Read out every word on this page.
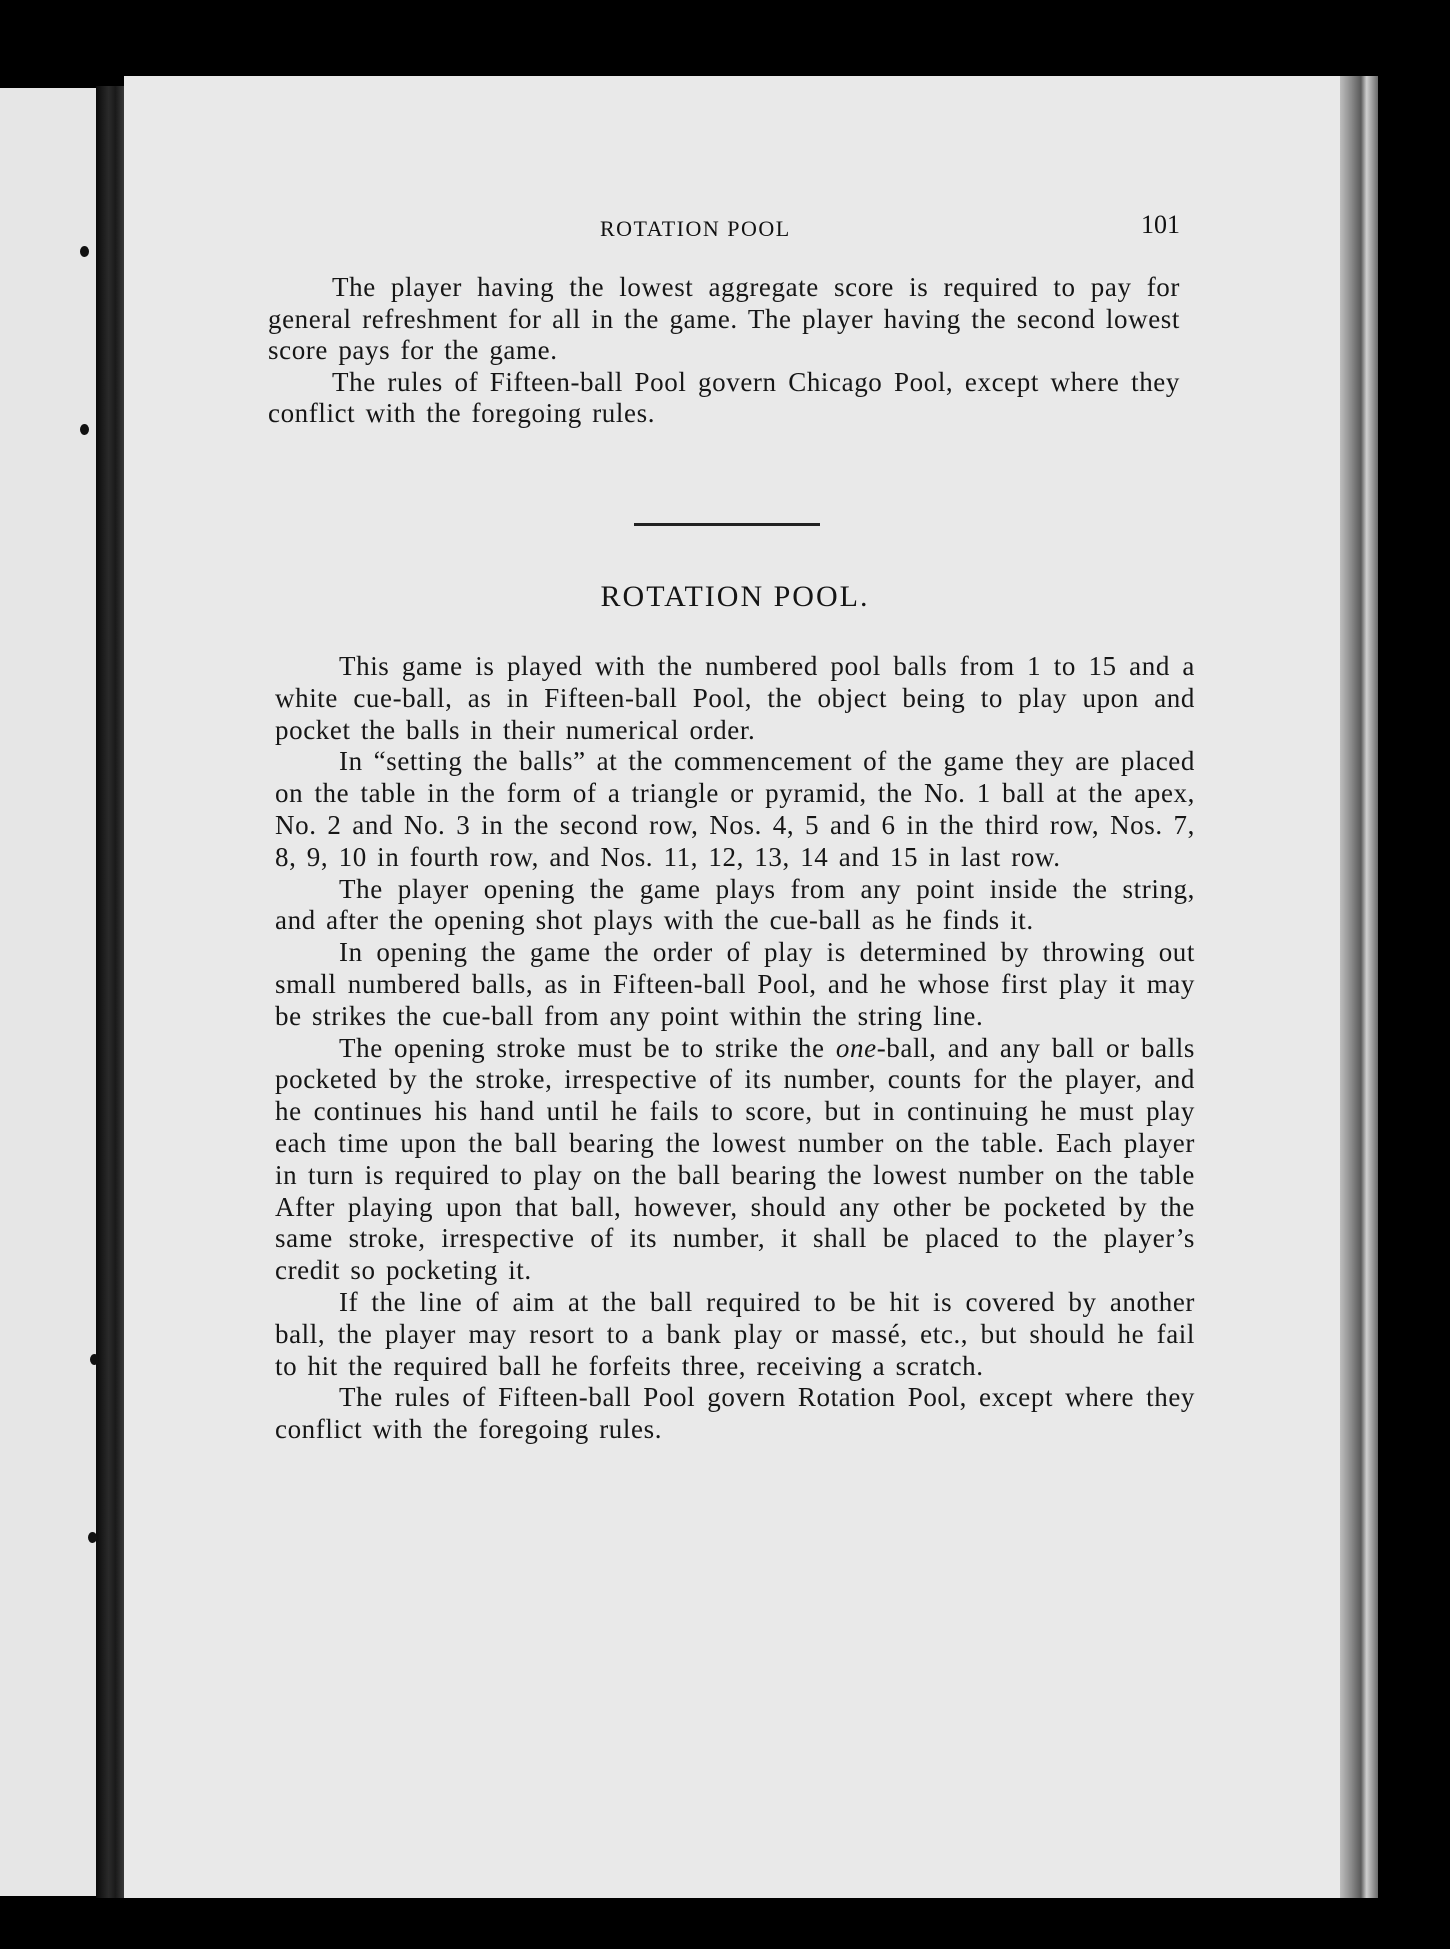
ROTATION POOL	101

The player having the lowest aggregate score is required to pay for general refreshment for all in the game. The player having the second lowest score pays for the game.

The rules of Fifteen-ball Pool govern Chicago Pool, except where they conflict with the foregoing rules.

ROTATION POOL.

This game is played with the numbered pool balls from 1 to 15 and a white cue-ball, as in Fifteen-ball Pool, the object being to play upon and pocket the balls in their numerical order.

In “setting the balls” at the commencement of the game they are placed on the table in the form of a triangle or pyramid, the No. 1 ball at the apex, No. 2 and No. 3 in the second row, Nos. 4, 5 and 6 in the third row, Nos. 7, 8, 9, 10 in fourth row, and Nos. 11, 12, 13, 14 and 15 in last row.

The player opening the game plays from any point inside the string, and after the opening shot plays with the cue-ball as he finds it.

In opening the game the order of play is determined by throwing out small numbered balls, as in Fifteen-ball Pool, and he whose first play it may be strikes the cue-ball from any point within the string line.

The opening stroke must be to strike the one-ball, and any ball or balls pocketed by the stroke, irrespective of its number, counts for the player, and he continues his hand until he fails to score, but in continuing he must play each time upon the ball bearing the lowest number on the table. Each player in turn is required to play on the ball bearing the lowest number on the table After playing upon that ball, however, should any other be pocketed by the same stroke, irrespective of its number, it shall be placed to the player’s credit so pocketing it.

If the line of aim at the ball required to be hit is covered by another ball, the player may resort to a bank play or massé, etc., but should he fail to hit the required ball he forfeits three, receiving a scratch.

The rules of Fifteen-ball Pool govern Rotation Pool, except where they conflict with the foregoing rules.
